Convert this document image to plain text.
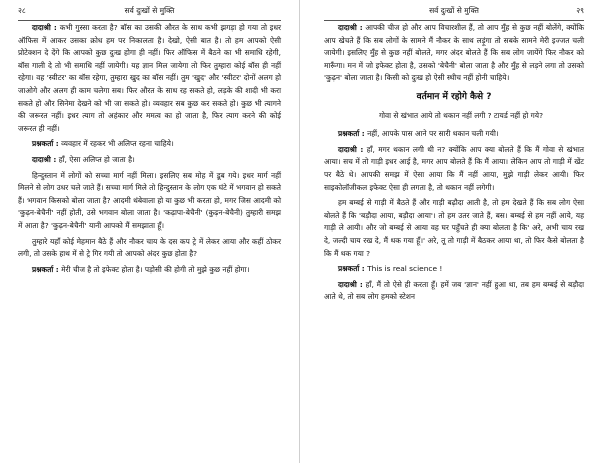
२८	सर्व दुःखों से मुक्ति

दादाश्री : कभी गुस्सा करता है? बॉस का उसकी औरत के साथ कभी झगड़ा हो गया तो इधर ऑफिस में आकर उसका क्रोध हम पर निकालता है। देखो, ऐसी बात है। तो हम आपको ऐसी प्रोटेक्शन दे देंगे कि आपको कुछ दुःख होगा ही नहीं। फिर ऑफिस में बैठने का भी समाधि रहेगी, बॉस गाली दे तो भी समाधि नहीं जायेगी। यह ज्ञान मिल जायेगा तो फिर तुम्हारा कोई बॉस ही नहीं रहेगा। वह 'स्वीटर' का बॉस रहेगा, तुम्हारा खुद का बॉस नहीं। तुम 'खुद' और 'स्वीटर' दोनों अलग हो जाओगे और अलग ही काम चलेगा सब। फिर औरत के साथ रह सकते हो, लड़के की शादी भी करा सकते हो और सिनेमा देखने को भी जा सकते हो। व्यवहार सब कुछ कर सकते हो। कुछ भी त्यागने की जरूरत नहीं। इधर त्याग तो अहंकार और ममत्व का हो जाता है, फिर त्याग करने की कोई जरूरत ही नहीं।

प्रश्नकर्ता : व्यवहार में रहकर भी अलिप्त रहना चाहिये।

दादाश्री : हाँ, ऐसा अलिप्त हो जाता है।

हिन्दुस्तान में लोगों को सच्चा मार्ग नहीं मिला। इसलिए सब मोह में डूब गये। इधर मार्ग नहीं मिलने से लोग उधर चले जाते हैं। सच्चा मार्ग मिले तो हिन्दुस्तान के लोग एक घंटे में भगवान हो सकते हैं। भगवान किसको बोला जाता है? आदमी थंबेवाला हो या कुछ भी करता हो, मगर जिस आदमी को 'कुढ़न-बेचैनी' नहीं होती, उसे भगवान बोला जाता है। 'कढ़ापा-बेचैनी' (कुढ़न-बेचैनी) तुम्हारी समझ में आता है? 'कुढ़न-बेचैनी' यानी आपको मैं समझाता हूँ।

तुम्हारे यहाँ कोई मेहमान बैठे हैं और नौकर चाय के दस कप ट्रे में लेकर आया और कहीं ठोकर लगी, तो उसके हाथ में से ट्रे गिर गयी तो आपको अंदर कुछ होता है?

प्रश्नकर्ता : मेरी चीज है तो इफेक्ट होता है। पड़ोसी की होगी तो मुझे कुछ नहीं होगा।

सर्व दुःखों से मुक्ति	२९

दादाश्री : आपकी चीज हो और आप विचारशील हैं, तो आप मुँह से कुछ नहीं बोलेंगे, क्योंकि आप खेचते हैं कि सब लोगों के सामने मैं नौकर के साथ लड़ूंगा तो सबके सामने मेरी इज्जत चली जायेगी। इसलिए मुँह से कुछ नहीं बोलते, मगर अंदर बोलते हैं कि सब लोग जायेंगे फिर नौकर को मारूँगा। मन में जो इफेक्ट होता है, उसको 'बेचैनी' बोला जाता है और मुँह से लड़ने लगा तो उसको 'कुढ़न' बोला जाता है। किसी को दुःख हो ऐसी स्थीच नहीं होनी चाहिये।

वर्तमान में रहोगे कैसे ?

गोवा से खंभात आये तो थकान नहीं लगी ? टायर्ड नहीं हो गये?

प्रश्नकर्ता : नहीं, आपके पास आने पर सारी थकान चली गयी।

दादाश्री : हाँ, मगर थकान लगी थी न? क्योंकि आप क्या बोलते हैं कि मैं गोवा से खंभात आया। सच में तो गाड़ी इधर आई है, मगर आप बोलते हैं कि मैं आया। लेकिन आप तो गाड़ी में खेंट पर बैठे थे। आपकी समझ में ऐसा आया कि मैं नहीं आया, मुझे गाड़ी लेकर आयी। फिर साइकोलॉजीकल इफेक्ट ऐसा ही लगता है, तो थकान नहीं लगेगी।

हम बम्बई से गाड़ी में बैठते हैं और गाड़ी बढ़ौदा आती है, तो हम देखते हैं कि सब लोग ऐसा बोलते हैं कि 'बड़ौदा आया, बड़ौदा आया'। तो हम उतर जाते हैं, बस। बम्बई से हम नहीं आये, यह गाड़ी ले आयी। और जो बम्बई से आया वह घर पहुँचते ही क्या बोलता है कि' अरे, अभी चाय रख दे, जल्दी चाय रख दे, मैं थक गया हूँ।' अरे, तू तो गाड़ी में बैठकर आया था, तो फिर कैसे बोलता है कि मैं थक गया ?

प्रश्नकर्ता : This is real science !

दादाश्री : हाँ, मैं तो ऐसे ही करता हूँ। हमें जब 'ज्ञान' नहीं हुआ था, तब हम बम्बई से बड़ौदा आते थे, तो सब लोग हमको स्टेशन
